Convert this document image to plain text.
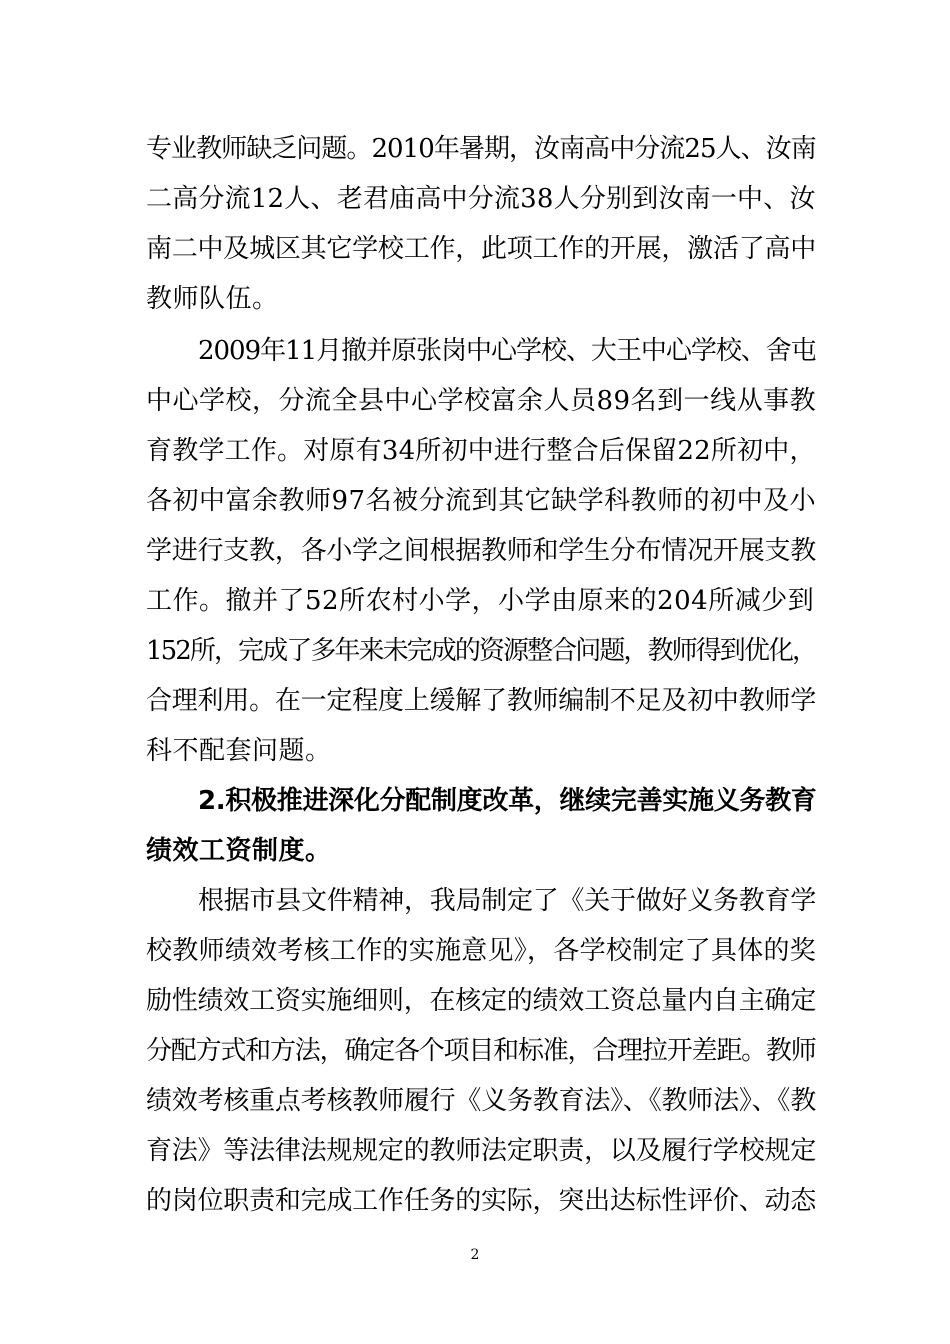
专业教师缺乏问题。2010年暑期，汝南高中分流25人、汝南
二高分流12人、老君庙高中分流38人分别到汝南一中、汝
南二中及城区其它学校工作，此项工作的开展，激活了高中
教师队伍。
2009年11月撤并原张岗中心学校、大王中心学校、舍屯
中心学校，分流全县中心学校富余人员89名到一线从事教
育教学工作。对原有34所初中进行整合后保留22所初中，
各初中富余教师97名被分流到其它缺学科教师的初中及小
学进行支教，各小学之间根据教师和学生分布情况开展支教
工作。撤并了52所农村小学，小学由原来的204所减少到
152所，完成了多年来未完成的资源整合问题，教师得到优化，
合理利用。在一定程度上缓解了教师编制不足及初中教师学
科不配套问题。
2.积极推进深化分配制度改革，继续完善实施义务教育
绩效工资制度。
根据市县文件精神，我局制定了《关于做好义务教育学
校教师绩效考核工作的实施意见》，各学校制定了具体的奖
励性绩效工资实施细则，在核定的绩效工资总量内自主确定
分配方式和方法，确定各个项目和标准，合理拉开差距。教师
绩效考核重点考核教师履行《义务教育法》、《教师法》、《教
育法》等法律法规规定的教师法定职责，以及履行学校规定
的岗位职责和完成工作任务的实际，突出达标性评价、动态
2
